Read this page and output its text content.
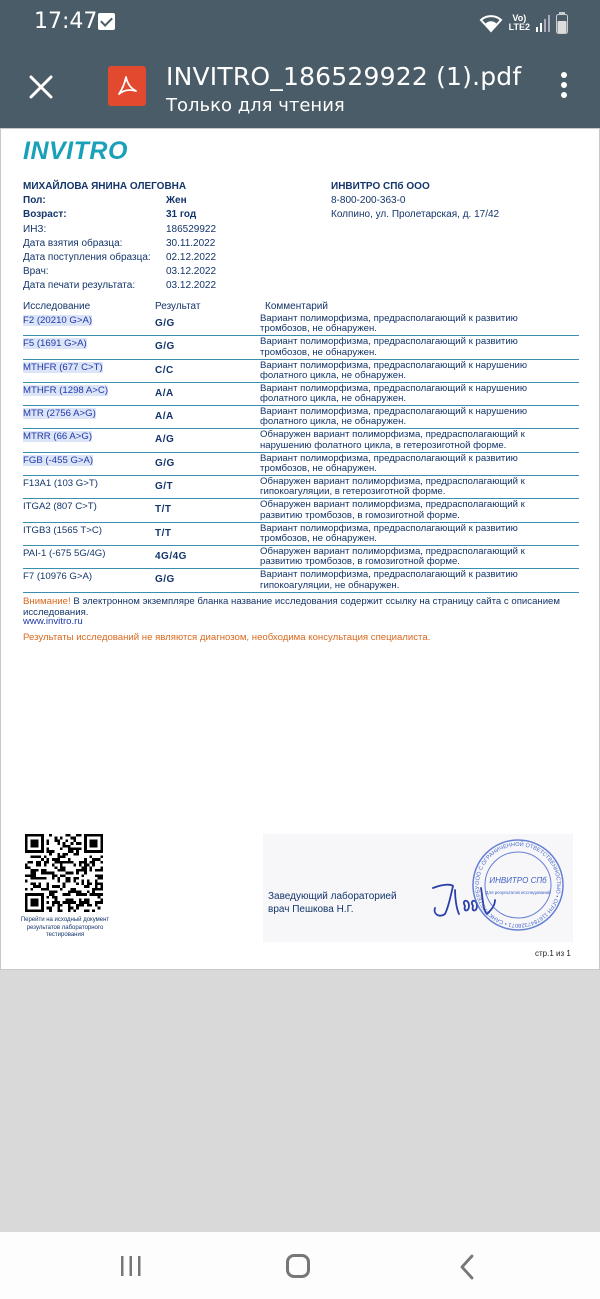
17:47	Vo)
LTE2
INVITRO_186529922 (1).pdf
Только для чтения
INVITRO
МИХАЙЛОВА ЯНИНА ОЛЕГОВНА
Пол:	Жен
Возраст:	31 год
ИНЗ:	186529922
Дата взятия образца:	30.11.2022
Дата поступления образца:	02.12.2022
Врач:	03.12.2022
Дата печати результата:	03.12.2022
ИНВИТРО СПб ООО
8-800-200-363-0
Колпино, ул. Пролетарская, д. 17/42
Исследование	Результат	Комментарий
F2 (20210 G>A)	G/G	Вариант полиморфизма, предрасполагающий к развитию тромбозов, не обнаружен.
F5 (1691 G>A)	G/G	Вариант полиморфизма, предрасполагающий к развитию тромбозов, не обнаружен.
MTHFR (677 C>T)	C/C	Вариант полиморфизма, предрасполагающий к нарушению фолатного цикла, не обнаружен.
MTHFR (1298 A>C)	A/A	Вариант полиморфизма, предрасполагающий к нарушению фолатного цикла, не обнаружен.
MTR (2756 A>G)	A/A	Вариант полиморфизма, предрасполагающий к нарушению фолатного цикла, не обнаружен.
MTRR (66 A>G)	A/G	Обнаружен вариант полиморфизма, предрасполагающий к нарушению фолатного цикла, в гетерозиготной форме.
FGB (-455 G>A)	G/G	Вариант полиморфизма, предрасполагающий к развитию тромбозов, не обнаружен.
F13A1 (103 G>T)	G/T	Обнаружен вариант полиморфизма, предрасполагающий к гипокоагуляции, в гетерозиготной форме.
ITGA2 (807 C>T)	T/T	Обнаружен вариант полиморфизма, предрасполагающий к развитию тромбозов, в гомозиготной форме.
ITGB3 (1565 T>C)	T/T	Вариант полиморфизма, предрасполагающий к развитию тромбозов, не обнаружен.
PAI-1 (-675 5G/4G)	4G/4G	Обнаружен вариант полиморфизма, предрасполагающий к развитию тромбозов, в гомозиготной форме.
F7 (10976 G>A)	G/G	Вариант полиморфизма, предрасполагающий к развитию гипокоагуляции, не обнаружен.
Внимание! В электронном экземпляре бланка название исследования содержит ссылку на страницу сайта с описанием исследования.
www.invitro.ru
Результаты исследований не являются диагнозом, необходима консультация специалиста.
Перейти на исходный документ результатов лабораторного тестирования
Заведующий лабораторией
врач Пешкова Н.Г.
ООО С ОГРАНИЧЕННОЙ ОТВЕТСТВЕННОСТЬЮ • ОГРН 1167847328071 • САНКТ-ПЕТЕРБУ
ИНВИТРО СПб
Для результатов исследований
стр.1 из 1
